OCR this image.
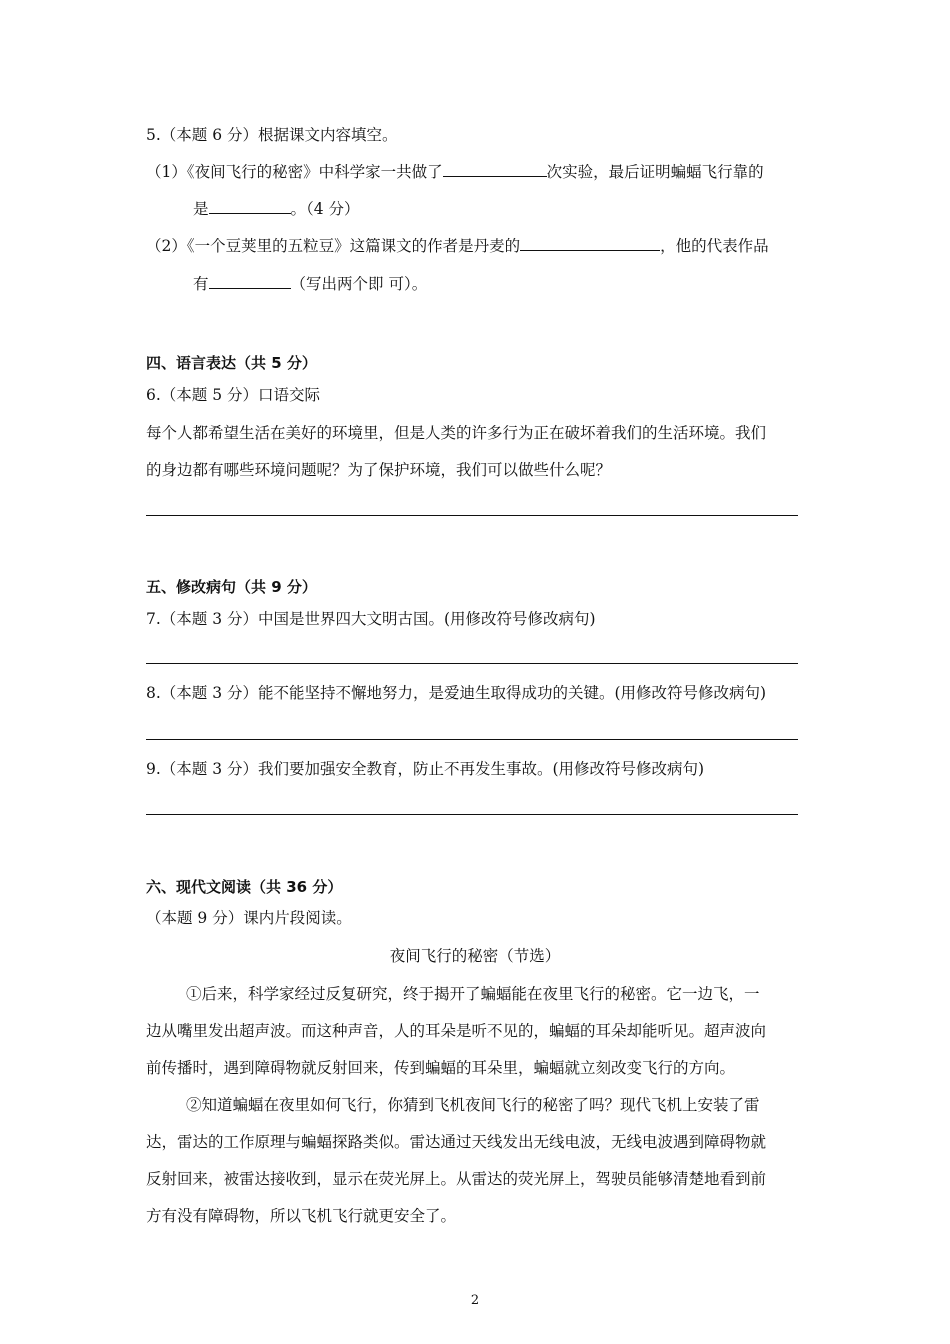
5.（本题 6 分）根据课文内容填空。
（1）《夜间飞行的秘密》中科学家一共做了	次实验，最后证明蝙蝠飞行靠的
是	。（4 分）
（2）《一个豆荚里的五粒豆》这篇课文的作者是丹麦的	，他的代表作品
有	（写出两个即 可）。
四、语言表达（共 5 分）
6.（本题 5 分）口语交际
每个人都希望生活在美好的环境里，但是人类的许多行为正在破坏着我们的生活环境。我们
的身边都有哪些环境问题呢？为了保护环境，我们可以做些什么呢？
五、修改病句（共 9 分）
7.（本题 3 分）中国是世界四大文明古国。(用修改符号修改病句)
8.（本题 3 分）能不能坚持不懈地努力，是爱迪生取得成功的关键。(用修改符号修改病句)
9.（本题 3 分）我们要加强安全教育，防止不再发生事故。(用修改符号修改病句)
六、现代文阅读（共 36 分）
（本题 9 分）课内片段阅读。
夜间飞行的秘密（节选）
①后来，科学家经过反复研究，终于揭开了蝙蝠能在夜里飞行的秘密。它一边飞，一
边从嘴里发出超声波。而这种声音，人的耳朵是听不见的，蝙蝠的耳朵却能听见。超声波向
前传播时，遇到障碍物就反射回来，传到蝙蝠的耳朵里，蝙蝠就立刻改变飞行的方向。
②知道蝙蝠在夜里如何飞行，你猜到飞机夜间飞行的秘密了吗？现代飞机上安装了雷
达，雷达的工作原理与蝙蝠探路类似。雷达通过天线发出无线电波，无线电波遇到障碍物就
反射回来，被雷达接收到，显示在荧光屏上。从雷达的荧光屏上，驾驶员能够清楚地看到前
方有没有障碍物，所以飞机飞行就更安全了。
2
